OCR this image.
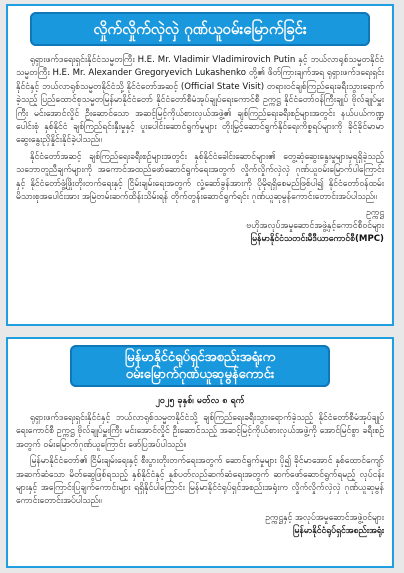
လှိုက်လှိုက်လှဲလှဲ ဂုဏ်ယူဝမ်းမြောက်ခြင်း

ရုရှားဖက်ဒရေးရှင်းနိုင်ငံသမ္မတကြီး H.E. Mr. Vladimir Vladimirovich Putin နှင့် ဘယ်လာရုစ်သမ္မတနိုင်ငံသမ္မတကြီး H.E. Mr. Alexander Gregoryevich Lukashenko တို့၏ ဖိတ်ကြားချက်အရ ရုရှားဖက်ဒရေးရှင်းနိုင်ငံနှင့် ဘယ်လာရုစ်သမ္မတနိုင်ငံသို့ နိုင်ငံတော်အဆင့် (Official State Visit) တရားဝင်ချစ်ကြည်ရေးခရီးသွားရောက်ခဲ့သည့် ပြည်ထောင်စုသမ္မတမြန်မာနိုင်ငံတော် နိုင်ငံတော်စီမံအုပ်ချုပ်ရေးကောင်စီ ဥက္ကဋ္ဌ နိုင်ငံတော်ဝန်ကြီးချုပ် ဗိုလ်ချုပ်မှူးကြီး မင်းအောင်လှိုင် ဦးဆောင်သော အဆင့်မြင့်ကိုယ်စားလှယ်အဖွဲ့၏ ချစ်ကြည်ရေးခရီးစဉ်များအတွင်း နယ်ပယ်ကဏ္ဍပေါင်းစုံ နှစ်နိုင်ငံ ချစ်ကြည်ရင်းနှီးမှုနှင့် ပူးပေါင်းဆောင်ရွက်မှုများ တိုးမြှင့်ဆောင်ရွက်နိုင်ရေးကိစ္စရပ်များကို ခိုင်ခိုင်မာမာ ဆွေးနွေးညှိနှိုင်းနိုင်ခဲ့ပါသည်။

နိုင်ငံတော်အဆင့် ချစ်ကြည်ရေးခရီးစဉ်များအတွင်း နှစ်နိုင်ငံခေါင်းဆောင်များ၏ တွေ့ဆုံဆွေးနွေးမှုများမှရရှိခဲ့သည့် သဘောတူညီချက်များကို အကောင်အထည်ဖော်ဆောင်ရွက်ရေးအတွက် လှိုက်လှိုက်လှဲလှဲ ဂုဏ်ယူဝမ်းမြောက်ပါကြောင်း နှင့် နိုင်ငံတော်ဖွံ့ဖြိုးတိုးတက်ရေးနှင့် ငြိမ်းချမ်းရေးအတွက် လှုံ့ဆော်ခွန်အားကို ပိုမိုရရှိစေမည်ဖြစ်ပါ၍ နိုင်ငံတော်ဝန်ထမ်းမိသားစုအပေါင်းအား အမြဲတမ်းဆက်ထိန်းသိမ်းရန် တိုက်တွန်းဆောင်ရွက်ရင်း ဂုဏ်ယူဆုမွန်ကောင်းတောင်းအပ်ပါသည်။

ဥက္ကဋ္ဌ
ဗဟိုအလုပ်အမှုဆောင်အဖွဲ့နှင့်ကောင်စီဝင်များ
မြန်မာနိုင်ငံသတင်းမီဒီယာကောင်စီ(MPC)
မြန်မာနိုင်ငံရုပ်ရှင်အစည်းအရုံးက
ဝမ်းမြောက်ဂုဏ်ယူဆုမွန်ကောင်း
၂၀၂၅ ခုနှစ်၊ မတ်လ ၈ ရက်

ရုရှားဖက်ဒရေးရှင်းနိုင်ငံနှင့် ဘယ်လာရုစ်သမ္မတနိုင်ငံသို့ ချစ်ကြည်ရေးခရီးသွားရောက်ခဲ့သည့် နိုင်ငံတော်စီမံအုပ်ချုပ်ရေးကောင်စီ ဥက္ကဋ္ဌ ဗိုလ်ချုပ်မှူးကြီး မင်းအောင်လှိုင် ဦးဆောင်သည့် အဆင့်မြင့်ကိုယ်စားလှယ်အဖွဲ့ကို အောင်မြင်စွာ ခရီးစဉ်အတွက် ဝမ်းမြောက်ဂုဏ်ယူကြောင်း ဖော်ပြအပ်ပါသည်။

မြန်မာနိုင်ငံတော်၏ ငြိမ်းချမ်းရေးနှင့် စီးပွားတိုးတက်ရေးအတွက် ဆောင်ရွက်မှုများ ပို၍ ခိုင်မာအောင် နှစ်ထောင်ကျော်အဆက်ဆံသော မိတ်ဆွေဖြစ်ရသည့် နှစ်နိုင်ငံနှင့် နှစ်ပတ်လည်ဆက်ဆံရေးအတွက် ဆက်ဖော်ဆောင်ရွက်ရမည့် လုပ်ငန်းများနှင့် အကြောင်းပြချက်ကောင်းများ ရရှိနိုင်ပါကြောင်း မြန်မာနိုင်ငံရုပ်ရှင်အစည်းအရုံးက လှိုက်လှိုက်လှဲလှဲ ဂုဏ်ယူဆုမွန်ကောင်းတောင်းအပ်ပါသည်။

ဥက္ကဋ္ဌနှင့် အလုပ်အမှုဆောင်အဖွဲ့ဝင်များ
မြန်မာနိုင်ငံရုပ်ရှင်အစည်းအရုံး
